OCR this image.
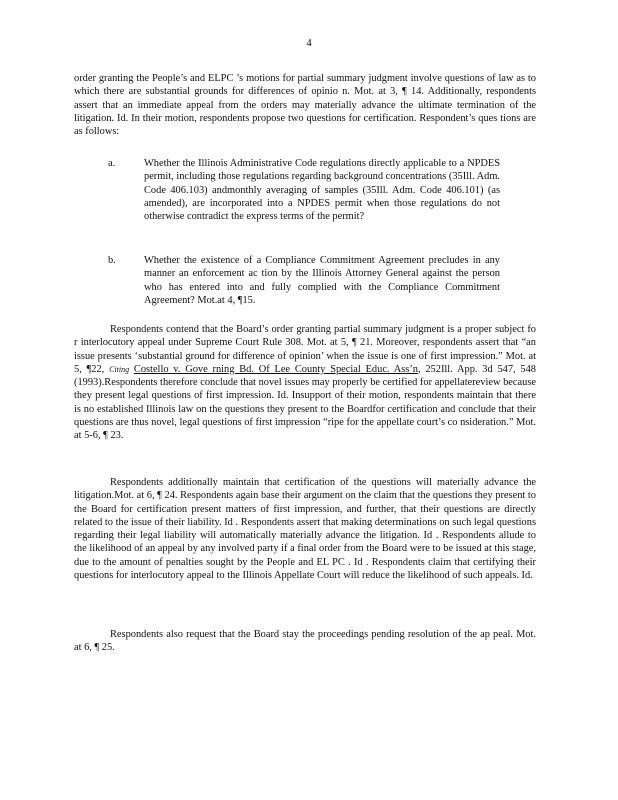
4

order granting the People’s and ELPC ’s motions for partial summary judgment involve questions of law as to which there are substantial grounds for differences of opinio n. Mot. at 3, ¶ 14. Additionally, respondents assert that an immediate appeal from the orders may materially advance the ultimate termination of the litigation. Id. In their motion, respondents propose two questions for certification. Respondent’s ques tions are as follows:

a.	Whether the Illinois Administrative Code regulations directly applicable to a NPDES permit, including those regulations regarding background concentrations (35Ill. Adm. Code 406.103) andmonthly averaging of samples (35Ill. Adm. Code 406.101) (as amended), are incorporated into a NPDES permit when those regulations do not otherwise contradict the express terms of the permit?
b.	Whether the existence of a Compliance Commitment Agreement precludes in any manner an enforcement ac tion by the Illinois Attorney General against the person who has entered into and fully complied with the Compliance Commitment Agreement? Mot.at 4, ¶15.

Respondents contend that the Board’s order granting partial summary judgment is a proper subject fo r interlocutory appeal under Supreme Court Rule 308. Mot. at 5, ¶ 21. Moreover, respondents assert that “an issue presents ‘substantial ground for difference of opinion’ when the issue is one of first impression.” Mot. at 5, ¶22, Citing Costello v. Gove rning Bd. Of Lee County Special Educ. Ass’n, 252Ill. App. 3d 547, 548 (1993).Respondents therefore conclude that novel issues may properly be certified for appellatereview because they present legal questions of first impression. Id. Insupport of their motion, respondents maintain that there is no established Illinois law on the questions they present to the Boardfor certification and conclude that their questions are thus novel, legal questions of first impression “ripe for the appellate court’s co nsideration.” Mot. at 5-6, ¶ 23.

Respondents additionally maintain that certification of the questions will materially advance the litigation.Mot. at 6, ¶ 24. Respondents again base their argument on the claim that the questions they present to the Board for certification present matters of first impression, and further, that their questions are directly related to the issue of their liability. Id . Respondents assert that making determinations on such legal questions regarding their legal liability will automatically materially advance the litigation. Id . Respondents allude to the likelihood of an appeal by any involved party if a final order from the Board were to be issued at this stage, due to the amount of penalties sought by the People and EL PC . Id . Respondents claim that certifying their questions for interlocutory appeal to the Illinois Appellate Court will reduce the likelihood of such appeals. Id.

Respondents also request that the Board stay the proceedings pending resolution of the ap peal. Mot. at 6, ¶ 25.
